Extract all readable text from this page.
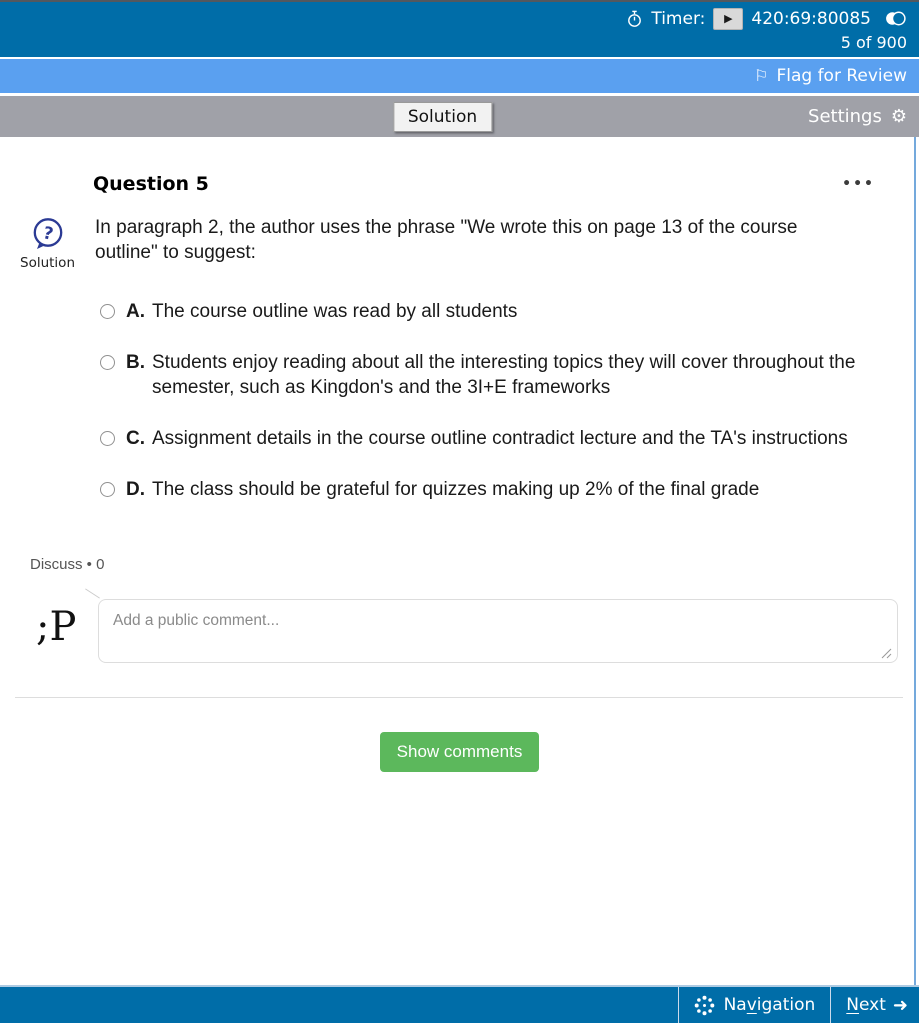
Timer: ▶ 420:69:80085
5 of 900
⚐ Flag for Review
Solution	Settings ⚙
Question 5	•••
?
Solution
In paragraph 2, the author uses the phrase "We wrote this on page 13 of the course outline" to suggest:
A. The course outline was read by all students
B. Students enjoy reading about all the interesting topics they will cover throughout the semester, such as Kingdon's and the 3I+E frameworks
C. Assignment details in the course outline contradict lecture and the TA's instructions
D. The class should be grateful for quizzes making up 2% of the final grade
Discuss • 0
;P
Add a public comment...
Show comments
Navigation Next ➜
